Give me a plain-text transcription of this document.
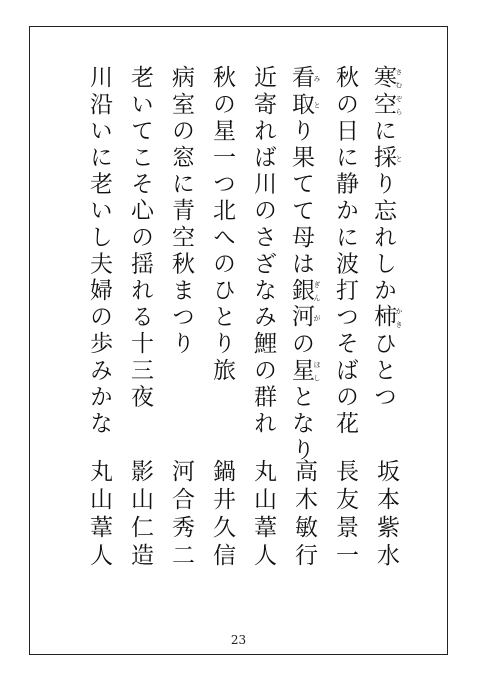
寒 さむ空 ぞらに採 とり忘れしか柿 かきひとつ
秋の日に静かに波打つそばの花
看 み取 とり果てて母は銀 ぎん河 がの星 ほしとなり
近寄れば川のさざなみ鯉の群れ
秋の星一つ北へのひとり旅
病室の窓に青空秋まつり
老いてこそ心の揺れる十三夜
川沿いに老いし夫婦の歩みかな
坂本紫水
長友景一
高木敏行
丸山葦人
鍋井久信
河合秀二
影山仁造
丸山葦人
23
